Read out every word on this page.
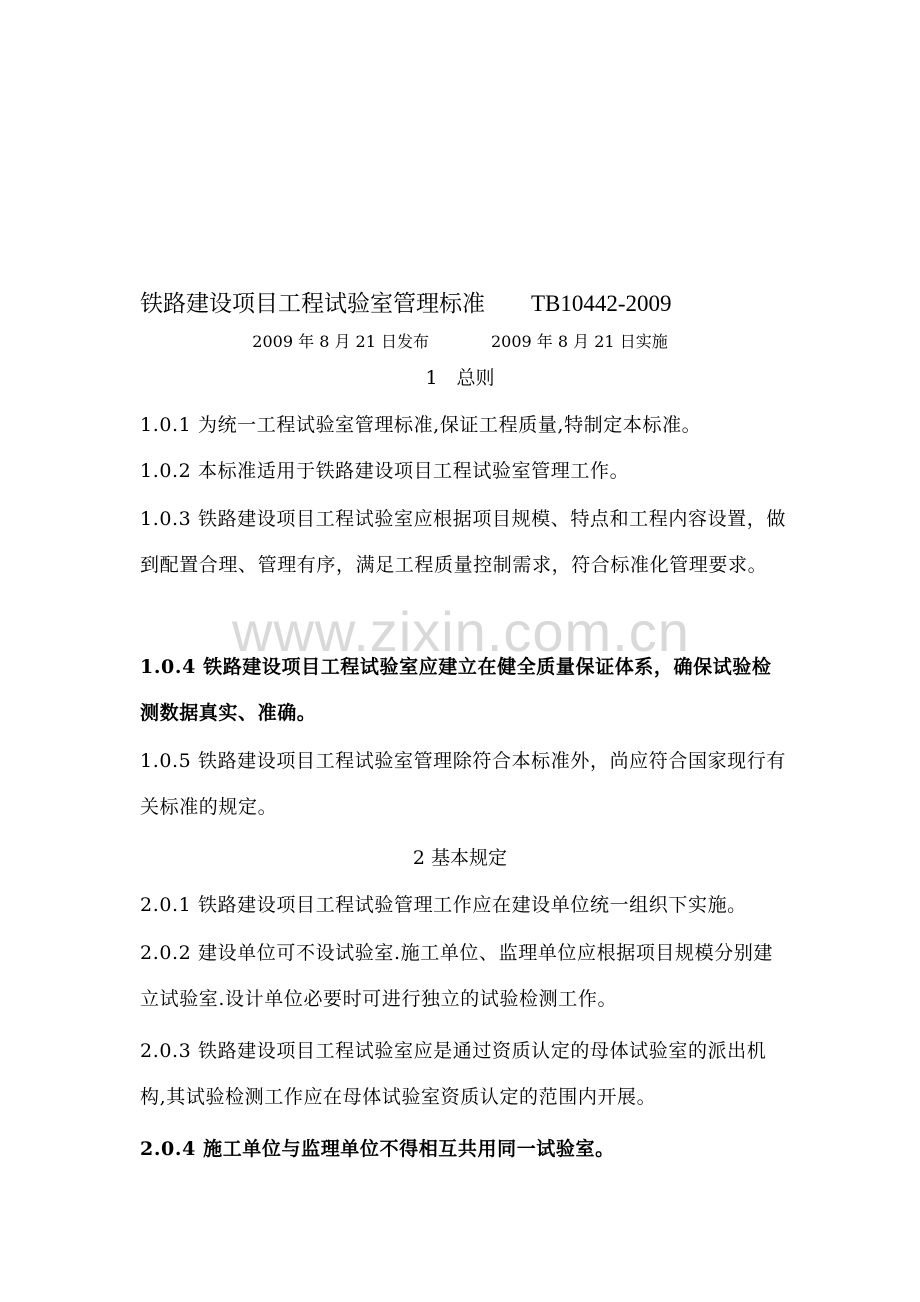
铁路建设项目工程试验室管理标准 TB10442-2009
2009 年 8 月 21 日发布	2009 年 8 月 21 日实施
1　总则
1.0.1 为统一工程试验室管理标准,保证工程质量,特制定本标准。
1.0.2 本标准适用于铁路建设项目工程试验室管理工作。
1.0.3 铁路建设项目工程试验室应根据项目规模、特点和工程内容设置，做到配置合理、管理有序，满足工程质量控制需求，符合标准化管理要求。
1.0.4 铁路建设项目工程试验室应建立在健全质量保证体系，确保试验检测数据真实、准确。
1.0.5 铁路建设项目工程试验室管理除符合本标准外，尚应符合国家现行有关标准的规定。
2 基本规定
2.0.1 铁路建设项目工程试验管理工作应在建设单位统一组织下实施。
2.0.2 建设单位可不设试验室.施工单位、监理单位应根据项目规模分别建立试验室.设计单位必要时可进行独立的试验检测工作。
2.0.3 铁路建设项目工程试验室应是通过资质认定的母体试验室的派出机构,其试验检测工作应在母体试验室资质认定的范围内开展。
2.0.4 施工单位与监理单位不得相互共用同一试验室。
www.zixin.com.cn
